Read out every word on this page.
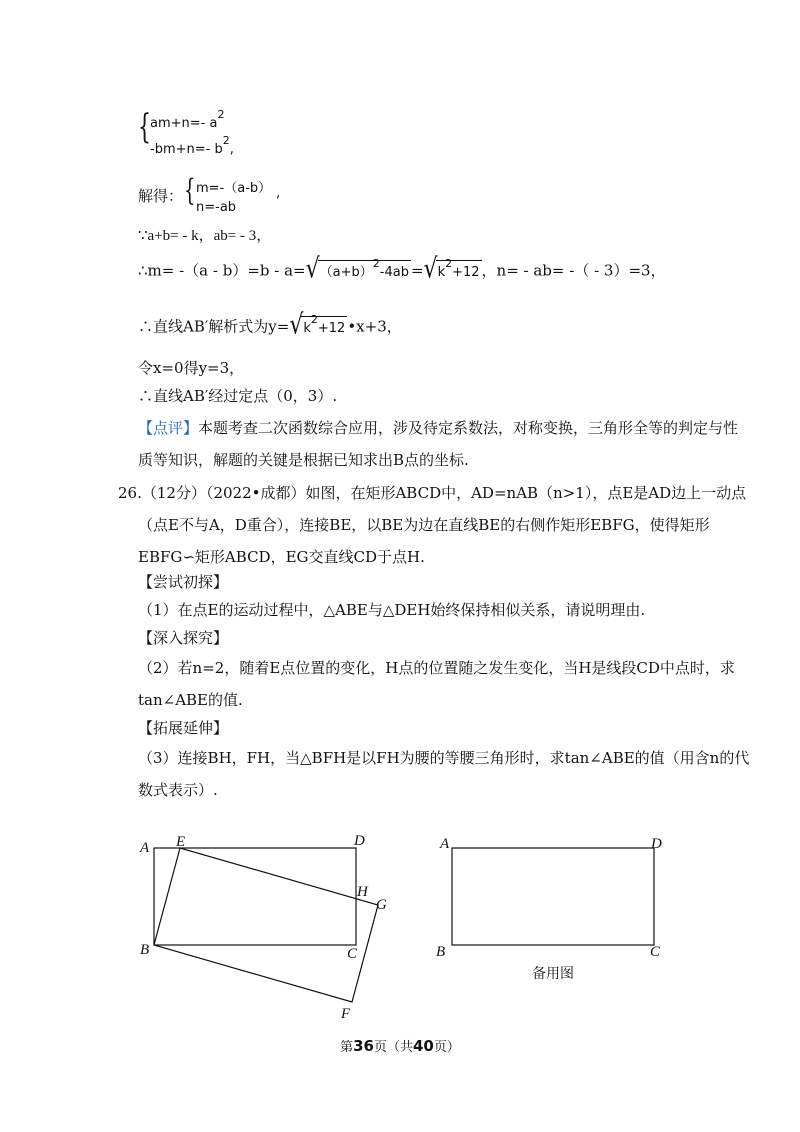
{ am+n=- $a^2$
-bm+n=- $b^2$,
解得： { m=-（a-b）
n=-ab
,
∵a+b= - k，ab= - 3，
∴m= $-(a - b)=b - a=√(a+b)^2-4ab =√k^2+12$ ，n= - ab= -（ - 3）=3，
∴直线AB′解析式为$y=√k^2+12$ •x+3，
令x=0得y=3，
∴直线AB′经过定点（0，3）.
【点评】本题考查二次函数综合应用，涉及待定系数法，对称变换，三角形全等的判定与性
质等知识，解题的关键是根据已知求出B点的坐标.
26.（12分）（2022•成都）如图，在矩形ABCD中，AD=nAB（n>1），点E是AD边上一动点
（点E不与A，D重合），连接BE，以BE为边在直线BE的右侧作矩形EBFG，使得矩形
EBFG∽矩形ABCD，EG交直线CD于点H.
【尝试初探】
（1）在点E的运动过程中，△ABE与△DEH始终保持相似关系，请说明理由.
【深入探究】
（2）若n=2，随着E点位置的变化，H点的位置随之发生变化，当H是线段CD中点时，求
tan∠ABE的值.
【拓展延伸】
（3）连接BH，FH，当△BFH是以FH为腰的等腰三角形时，求tan∠ABE的值（用含n的代
数式表示）.
A E	D
H
G
B	C
F
A	D
B	C
备用图
第36页（共40页）
